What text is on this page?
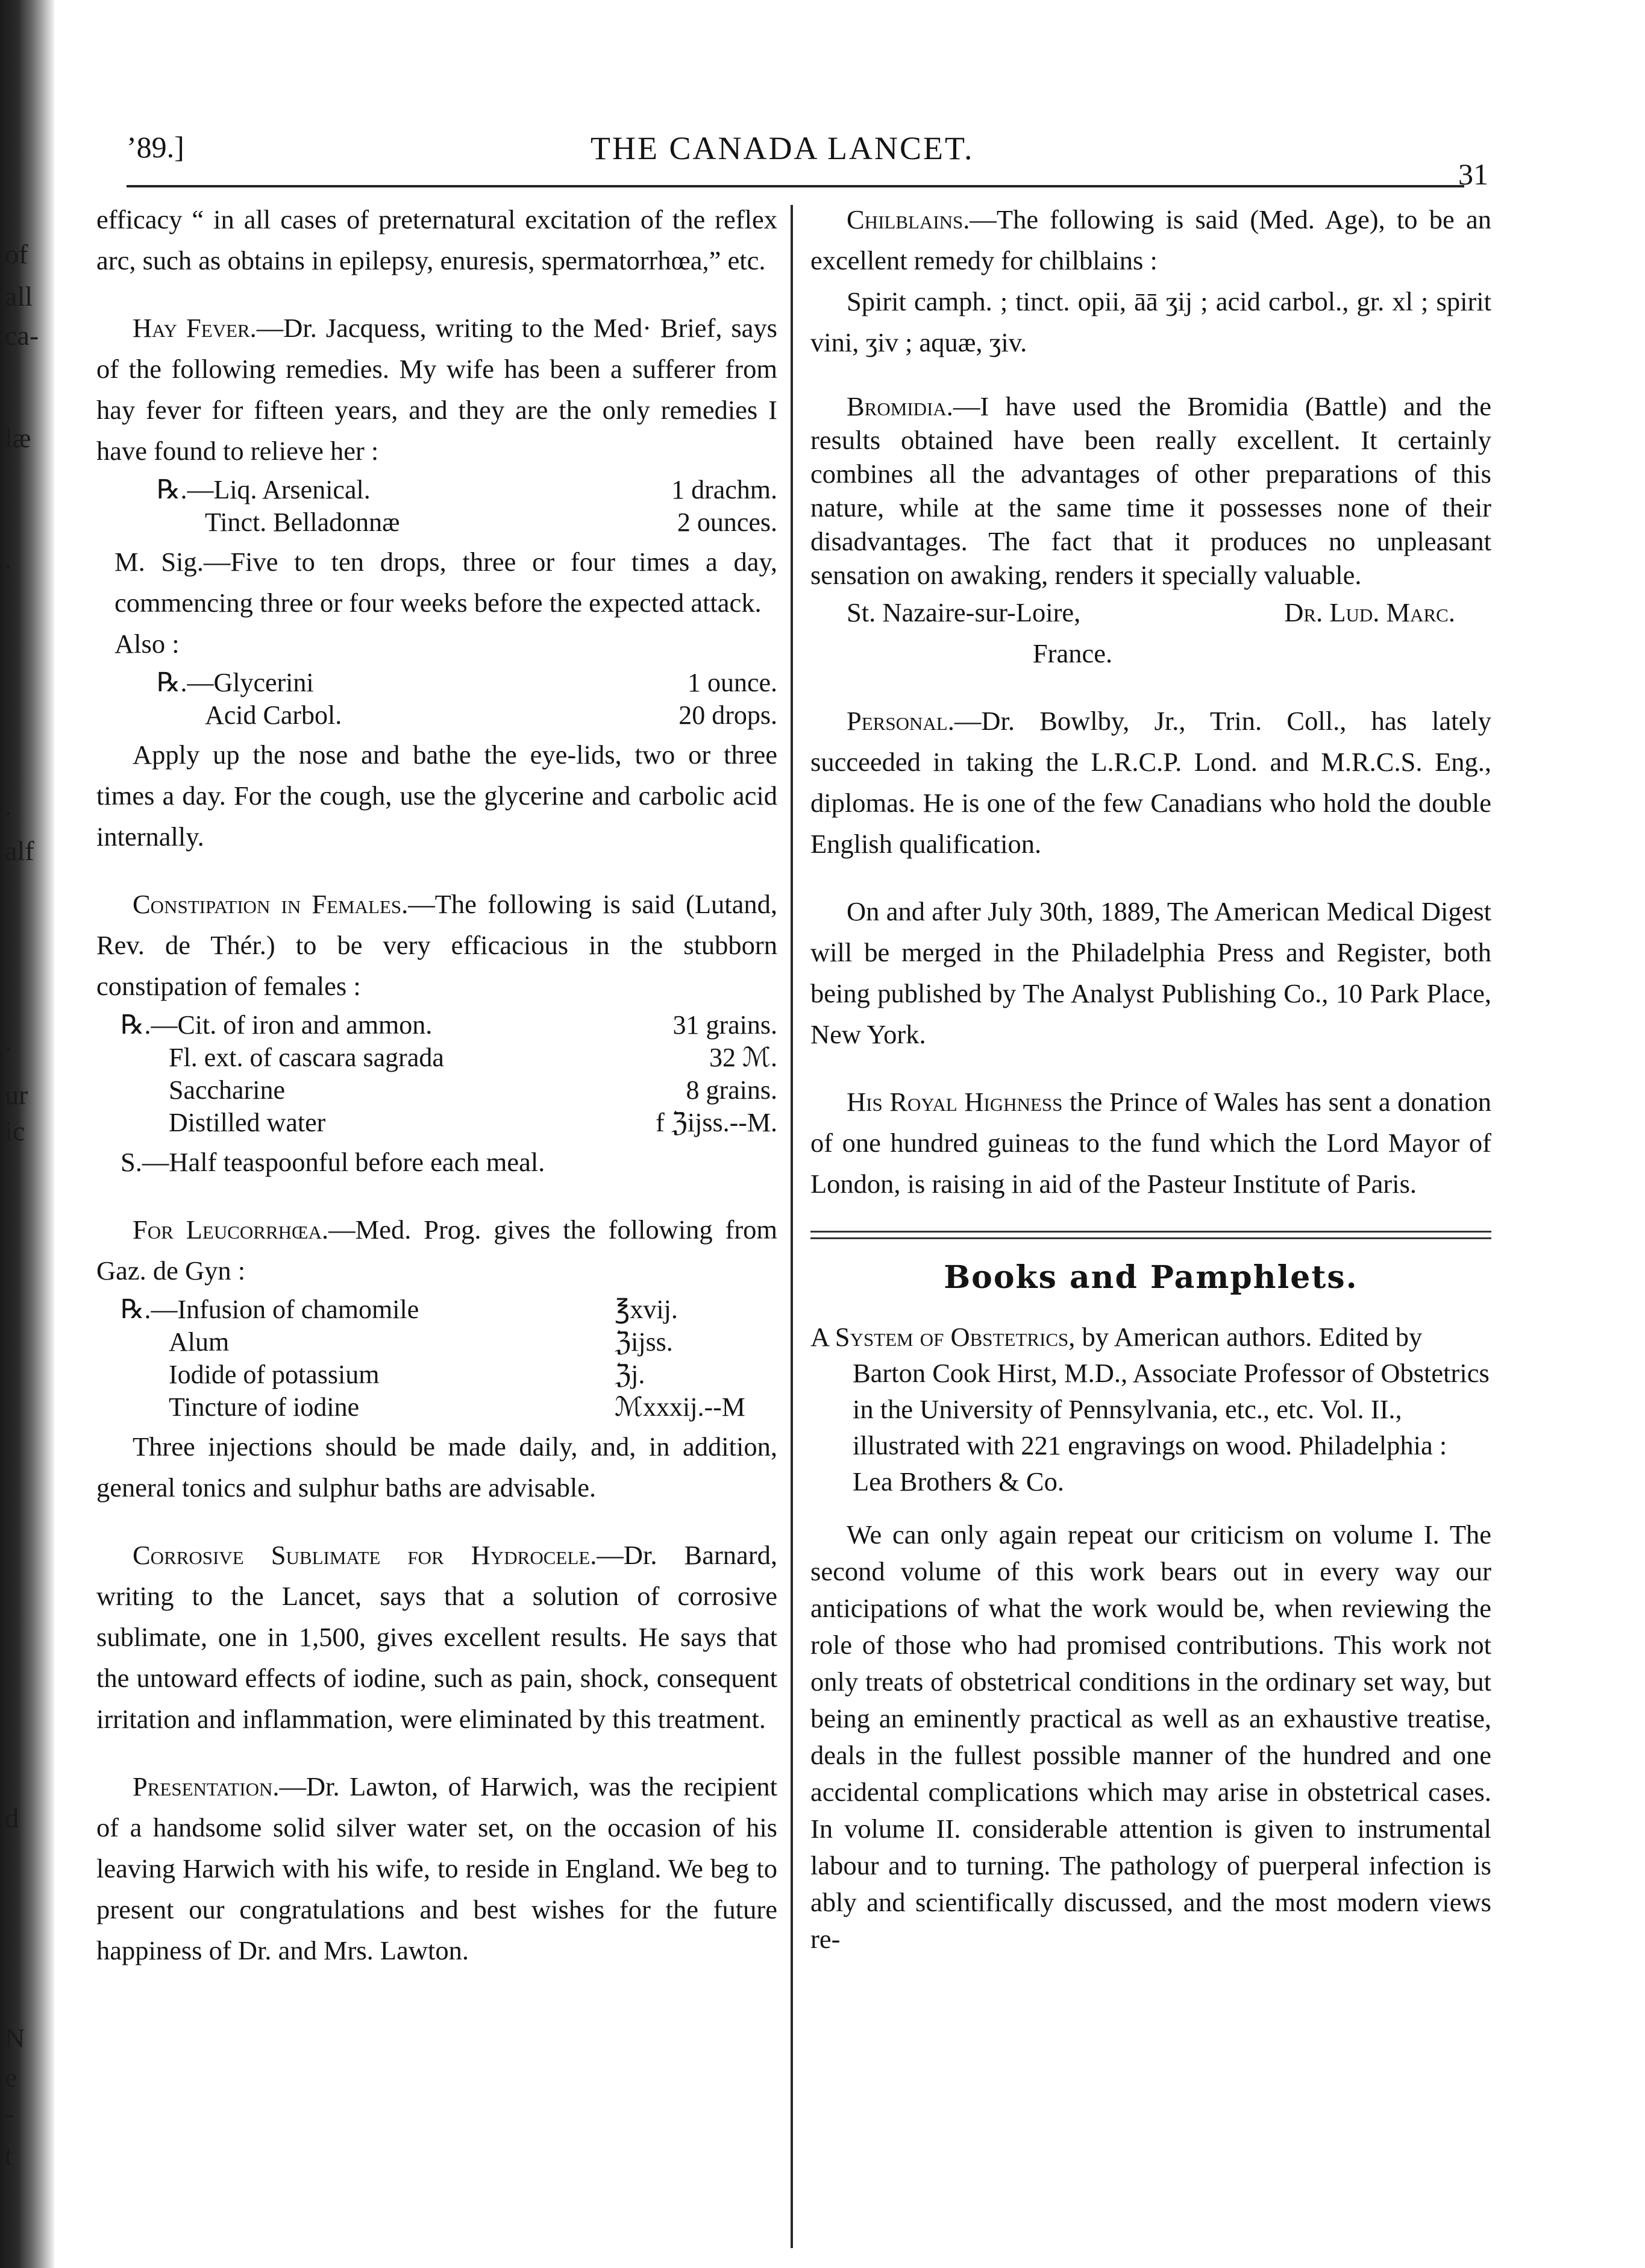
of
all
ca-
læ
.
.
alf
.
ur
ic
d
N
e
-
t
’89.]	THE CANADA LANCET.
31

efficacy “ in all cases of preternatural excitation of the reflex arc, such as obtains in epilepsy, enuresis, spermatorrhœa,” etc.

Hay Fever.—Dr. Jacquess, writing to the Med· Brief, says of the following remedies. My wife has been a sufferer from hay fever for fifteen years, and they are the only remedies I have found to relieve her :

℞.—Liq. Arsenical.	1 drachm.
Tinct. Belladonnæ	2 ounces.

M. Sig.—Five to ten drops, three or four times a day, commencing three or four weeks before the expected attack.

Also :

℞.—Glycerini	1 ounce.
Acid Carbol.	20 drops.

Apply up the nose and bathe the eye-lids, two or three times a day. For the cough, use the glycerine and carbolic acid internally.

Constipation in Females.—The following is said (Lutand, Rev. de Thér.) to be very efficacious in the stubborn constipation of females :

℞.—Cit. of iron and ammon.	31 grains.
Fl. ext. of cascara sagrada	32 ℳ.
Saccharine	8 grains.
Distilled water	f ℨijss.--M.

S.—Half teaspoonful before each meal.

For Leucorrhœa.—Med. Prog. gives the following from Gaz. de Gyn :

℞.—Infusion of chamomile	℥xvij.
Alum	ℨijss.
Iodide of potassium	ℨj.
Tincture of iodine	ℳxxxij.--M

Three injections should be made daily, and, in addition, general tonics and sulphur baths are advisable.

Corrosive Sublimate for Hydrocele.—Dr. Barnard, writing to the Lancet, says that a solution of corrosive sublimate, one in 1,500, gives excellent results. He says that the untoward effects of iodine, such as pain, shock, consequent irritation and inflammation, were eliminated by this treatment.

Presentation.—Dr. Lawton, of Harwich, was the recipient of a handsome solid silver water set, on the occasion of his leaving Harwich with his wife, to reside in England. We beg to present our congratulations and best wishes for the future happiness of Dr. and Mrs. Lawton.

Chilblains.—The following is said (Med. Age), to be an excellent remedy for chilblains :

Spirit camph. ; tinct. opii, āā ʒij ; acid carbol., gr. xl ; spirit vini, ʒiv ; aquæ, ʒiv.

Bromidia.—I have used the Bromidia (Battle) and the results obtained have been really excellent. It certainly combines all the advantages of other preparations of this nature, while at the same time it possesses none of their disadvantages. The fact that it produces no unpleasant sensation on awaking, renders it specially valuable.

St. Nazaire-sur-Loire,	Dr. Lud. Marc.

France.

Personal.—Dr. Bowlby, Jr., Trin. Coll., has lately succeeded in taking the L.R.C.P. Lond. and M.R.C.S. Eng., diplomas. He is one of the few Canadians who hold the double English qualification.

On and after July 30th, 1889, The American Medical Digest will be merged in the Philadelphia Press and Register, both being published by The Analyst Publishing Co., 10 Park Place, New York.

His Royal Highness the Prince of Wales has sent a donation of one hundred guineas to the fund which the Lord Mayor of London, is raising in aid of the Pasteur Institute of Paris.

Books and Pamphlets.

A System of Obstetrics, by American authors. Edited by Barton Cook Hirst, M.D., Associate Professor of Obstetrics in the University of Pennsylvania, etc., etc. Vol. II., illustrated with 221 engravings on wood. Philadelphia : Lea Brothers & Co.

We can only again repeat our criticism on volume I. The second volume of this work bears out in every way our anticipations of what the work would be, when reviewing the role of those who had promised contributions. This work not only treats of obstetrical conditions in the ordinary set way, but being an eminently practical as well as an exhaustive treatise, deals in the fullest possible manner of the hundred and one accidental complications which may arise in obstetrical cases. In volume II. considerable attention is given to instrumental labour and to turning. The pathology of puerperal infection is ably and scientifically discussed, and the most modern views re-
